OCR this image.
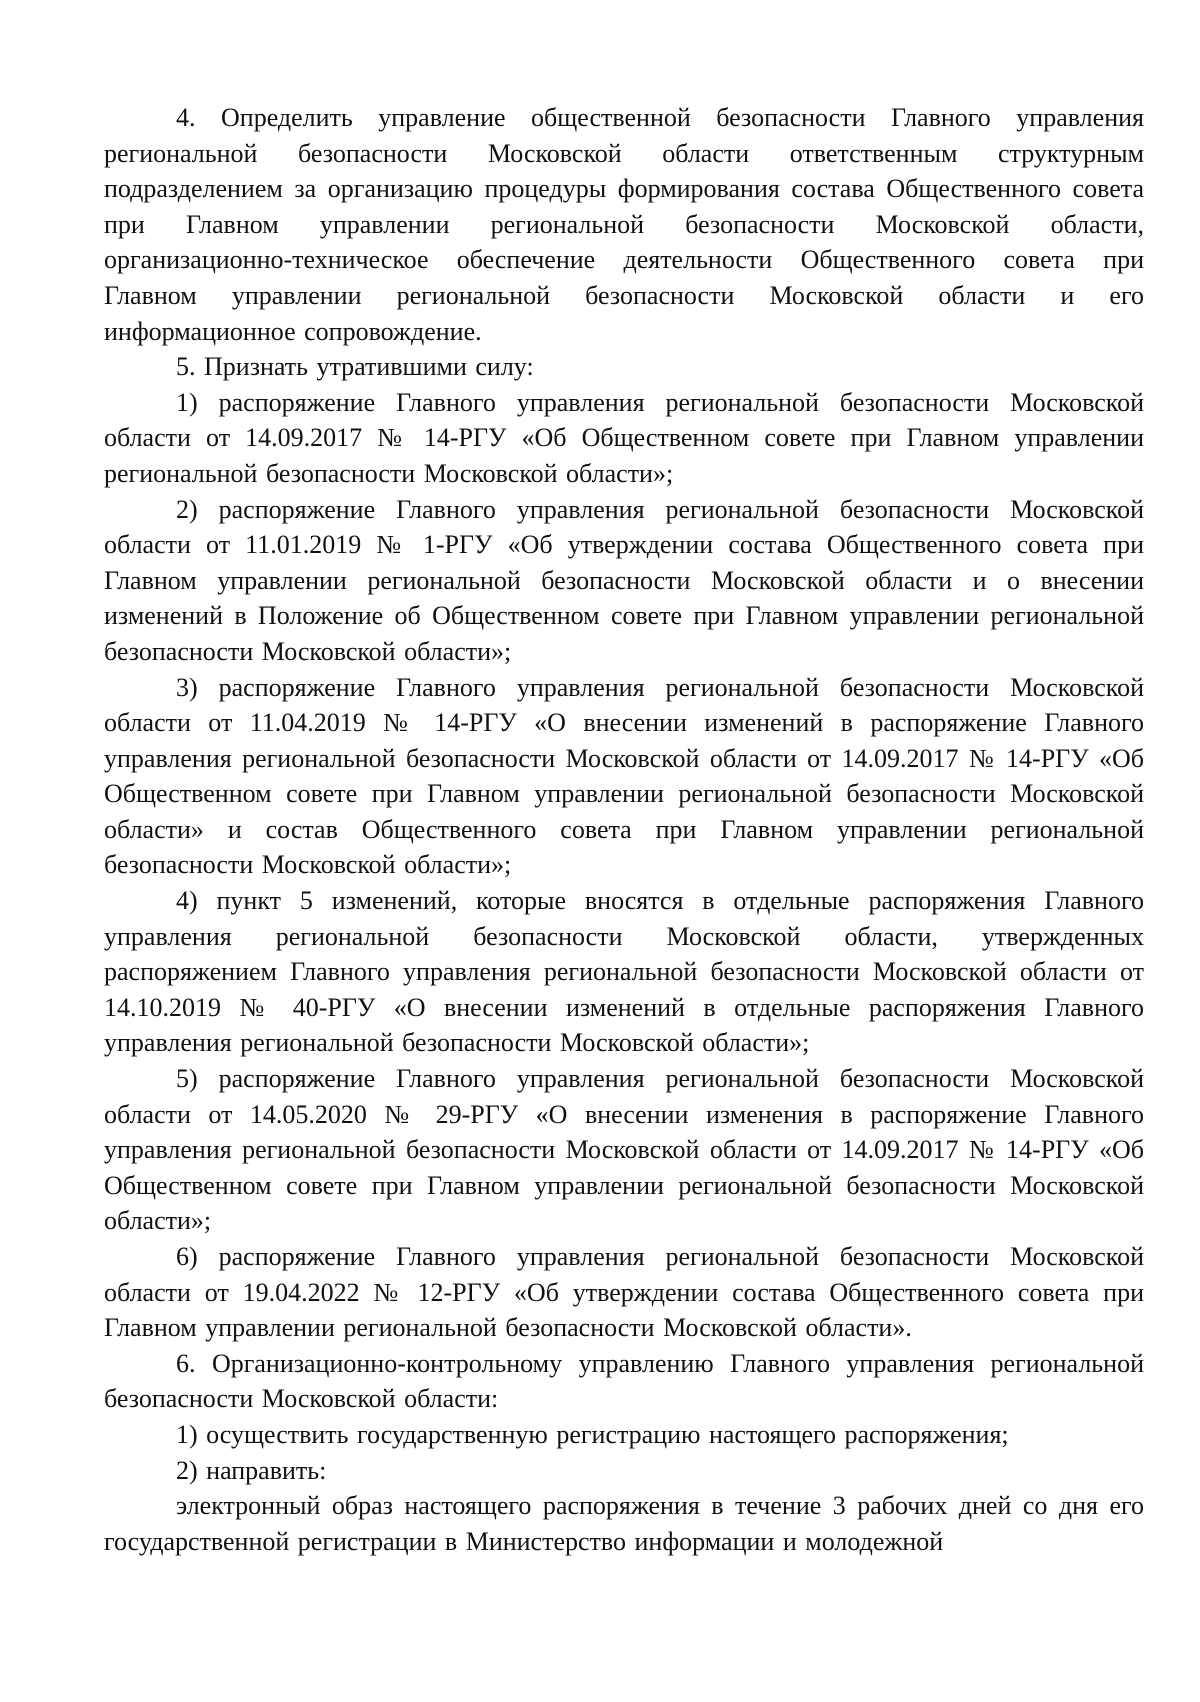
4. Определить управление общественной безопасности Главного управления региональной безопасности Московской области ответственным структурным подразделением за организацию процедуры формирования состава Общественного совета при Главном управлении региональной безопасности Московской области, организационно-техническое обеспечение деятельности Общественного совета при Главном управлении региональной безопасности Московской области и его информационное сопровождение.

5. Признать утратившими силу:

1) распоряжение Главного управления региональной безопасности Московской области от 14.09.2017 № 14-РГУ «Об Общественном совете при Главном управлении региональной безопасности Московской области»;

2) распоряжение Главного управления региональной безопасности Московской области от 11.01.2019 № 1-РГУ «Об утверждении состава Общественного совета при Главном управлении региональной безопасности Московской области и о внесении изменений в Положение об Общественном совете при Главном управлении региональной безопасности Московской области»;

3) распоряжение Главного управления региональной безопасности Московской области от 11.04.2019 № 14-РГУ «О внесении изменений в распоряжение Главного управления региональной безопасности Московской области от 14.09.2017 № 14-РГУ «Об Общественном совете при Главном управлении региональной безопасности Московской области» и состав Общественного совета при Главном управлении региональной безопасности Московской области»;

4) пункт 5 изменений, которые вносятся в отдельные распоряжения Главного управления региональной безопасности Московской области, утвержденных распоряжением Главного управления региональной безопасности Московской области от 14.10.2019 № 40-РГУ «О внесении изменений в отдельные распоряжения Главного управления региональной безопасности Московской области»;

5) распоряжение Главного управления региональной безопасности Московской области от 14.05.2020 № 29-РГУ «О внесении изменения в распоряжение Главного управления региональной безопасности Московской области от 14.09.2017 № 14-РГУ «Об Общественном совете при Главном управлении региональной безопасности Московской области»;

6) распоряжение Главного управления региональной безопасности Московской области от 19.04.2022 № 12-РГУ «Об утверждении состава Общественного совета при Главном управлении региональной безопасности Московской области».

6. Организационно-контрольному управлению Главного управления региональной безопасности Московской области:

1) осуществить государственную регистрацию настоящего распоряжения;

2) направить:

электронный образ настоящего распоряжения в течение 3 рабочих дней со дня его государственной регистрации в Министерство информации и молодежной
